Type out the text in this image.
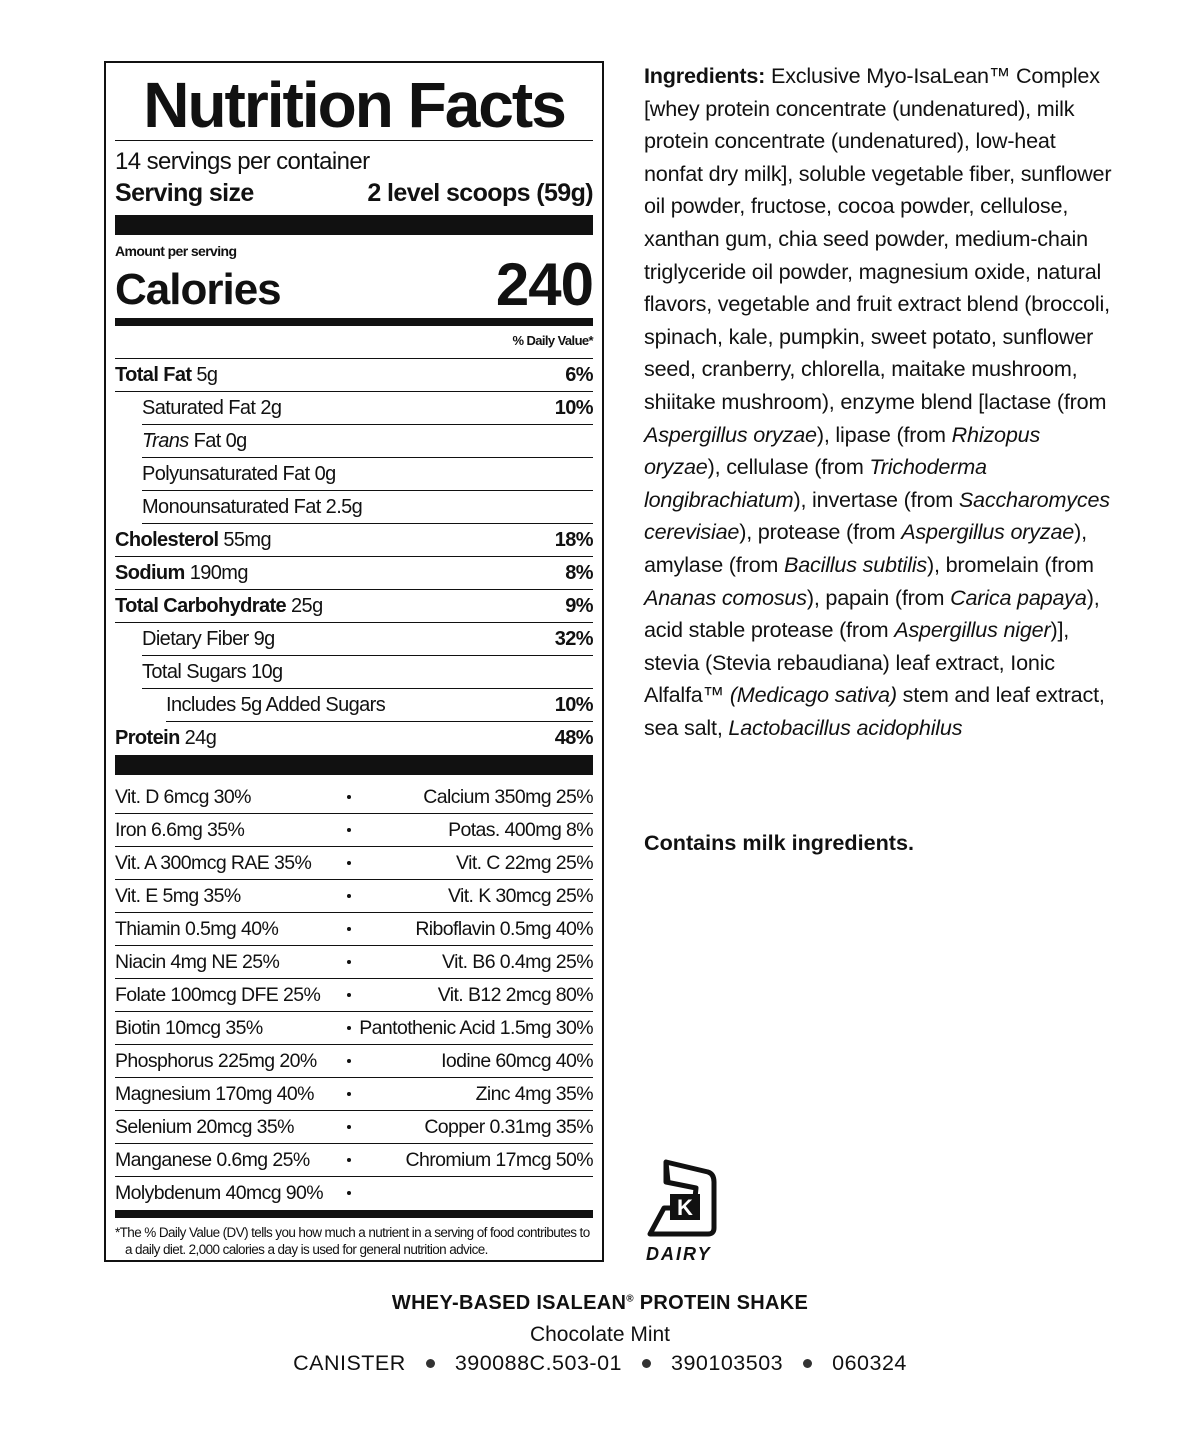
Nutrition Facts
14 servings per container
Serving size	2 level scoops (59g)
Amount per serving
Calories	240
% Daily Value*
Total Fat 5g	6%
Saturated Fat 2g	10%
Trans Fat 0g
Polyunsaturated Fat 0g
Monounsaturated Fat 2.5g
Cholesterol 55mg	18%
Sodium 190mg	8%
Total Carbohydrate 25g	9%
Dietary Fiber 9g	32%
Total Sugars 10g
Includes 5g Added Sugars	10%
Protein 24g	48%
Vit. D 6mcg 30%	Calcium 350mg 25%
Iron 6.6mg 35%	Potas. 400mg 8%
Vit. A 300mcg RAE 35%	Vit. C 22mg 25%
Vit. E 5mg 35%	Vit. K 30mcg 25%
Thiamin 0.5mg 40%	Riboflavin 0.5mg 40%
Niacin 4mg NE 25%	Vit. B6 0.4mg 25%
Folate 100mcg DFE 25%	Vit. B12 2mcg 80%
Biotin 10mcg 35%	Pantothenic Acid 1.5mg 30%
Phosphorus 225mg 20%	Iodine 60mcg 40%
Magnesium 170mg 40%	Zinc 4mg 35%
Selenium 20mcg 35%	Copper 0.31mg 35%
Manganese 0.6mg 25%	Chromium 17mcg 50%
Molybdenum 40mcg 90%
*The % Daily Value (DV) tells you how much a nutrient in a serving of food contributes to a daily diet. 2,000 calories a day is used for general nutrition advice.
Ingredients: Exclusive Myo-IsaLean™ Complex [whey protein concentrate (undenatured), milk protein concentrate (undenatured), low-heat nonfat dry milk], soluble vegetable fiber, sunflower oil powder, fructose, cocoa powder, cellulose, xanthan gum, chia seed powder, medium-chain triglyceride oil powder, magnesium oxide, natural flavors, vegetable and fruit extract blend (broccoli, spinach, kale, pumpkin, sweet potato, sunflower seed, cranberry, chlorella, maitake mushroom, shiitake mushroom), enzyme blend [lactase (from Aspergillus oryzae), lipase (from Rhizopus oryzae), cellulase (from Trichoderma longibrachiatum), invertase (from Saccharomyces cerevisiae), protease (from Aspergillus oryzae), amylase (from Bacillus subtilis), bromelain (from Ananas comosus), papain (from Carica papaya), acid stable protease (from Aspergillus niger)], stevia (Stevia rebaudiana) leaf extract, Ionic Alfalfa™ (Medicago sativa) stem and leaf extract, sea salt, Lactobacillus acidophilus
Contains milk ingredients.
K
DAIRY
WHEY-BASED ISALEAN® PROTEIN SHAKE
Chocolate Mint
CANISTER 390088C.503-01 390103503 060324
